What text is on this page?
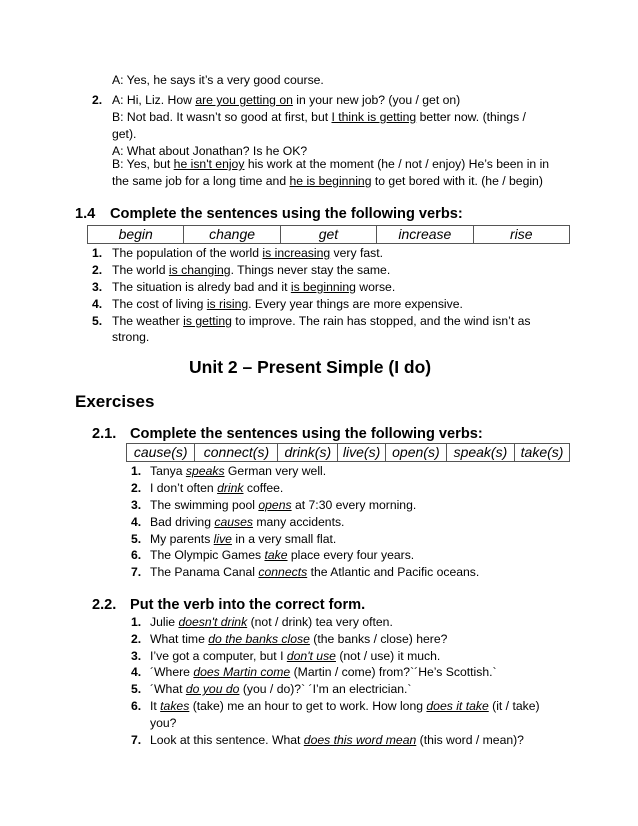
A: Yes, he says it’s a very good course.
2. A: Hi, Liz. How are you getting on in your new job? (you / get on)
B: Not bad. It wasn’t so good at first, but I think is getting better now. (things /
get).
A: What about Jonathan? Is he OK?
B: Yes, but he isn't enjoy his work at the moment (he / not / enjoy) He’s been in in
the same job for a long time and he is beginning to get bored with it. (he / begin)
1.4 Complete the sentences using the following verbs:
begin	change	get	increase	rise
1. The population of the world is increasing very fast.
2. The world is changing. Things never stay the same.
3. The situation is alredy bad and it is beginning worse.
4. The cost of living is rising. Every year things are more expensive.
5. The weather is getting to improve. The rain has stopped, and the wind isn’t as
strong.
Unit 2 – Present Simple (I do)
Exercises
2.1. Complete the sentences using the following verbs:
cause(s)	connect(s)	drink(s)	live(s)	open(s)	speak(s)	take(s)
1. Tanya speaks German very well.
2. I don’t often drink coffee.
3. The swimming pool opens at 7:30 every morning.
4. Bad driving causes many accidents.
5. My parents live in a very small flat.
6. The Olympic Games take place every four years.
7. The Panama Canal connects the Atlantic and Pacific oceans.
2.2. Put the verb into the correct form.
1. Julie doesn't drink (not / drink) tea very often.
2. What time do the banks close (the banks / close) here?
3. I’ve got a computer, but I don't use (not / use) it much.
4. ´Where does Martin come (Martin / come) from?`´He’s Scottish.`
5. ´What do you do (you / do)?` ´I’m an electrician.`
6. It takes (take) me an hour to get to work. How long does it take (it / take)
you?
7. Look at this sentence. What does this word mean (this word / mean)?
